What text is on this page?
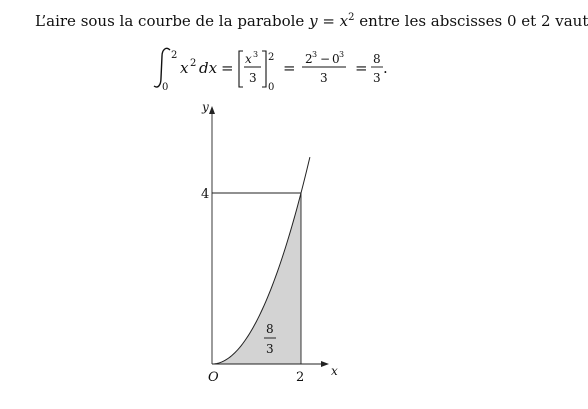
L’aire sous la courbe de la parabole $y = x^2$ entre les abscisses 0 et 2 vaut
2
0
x 2 dx = x 3
3
2
0
= 2 3 − 0 3
3
= 8
3
.
y
x
4
2
O
8
3
